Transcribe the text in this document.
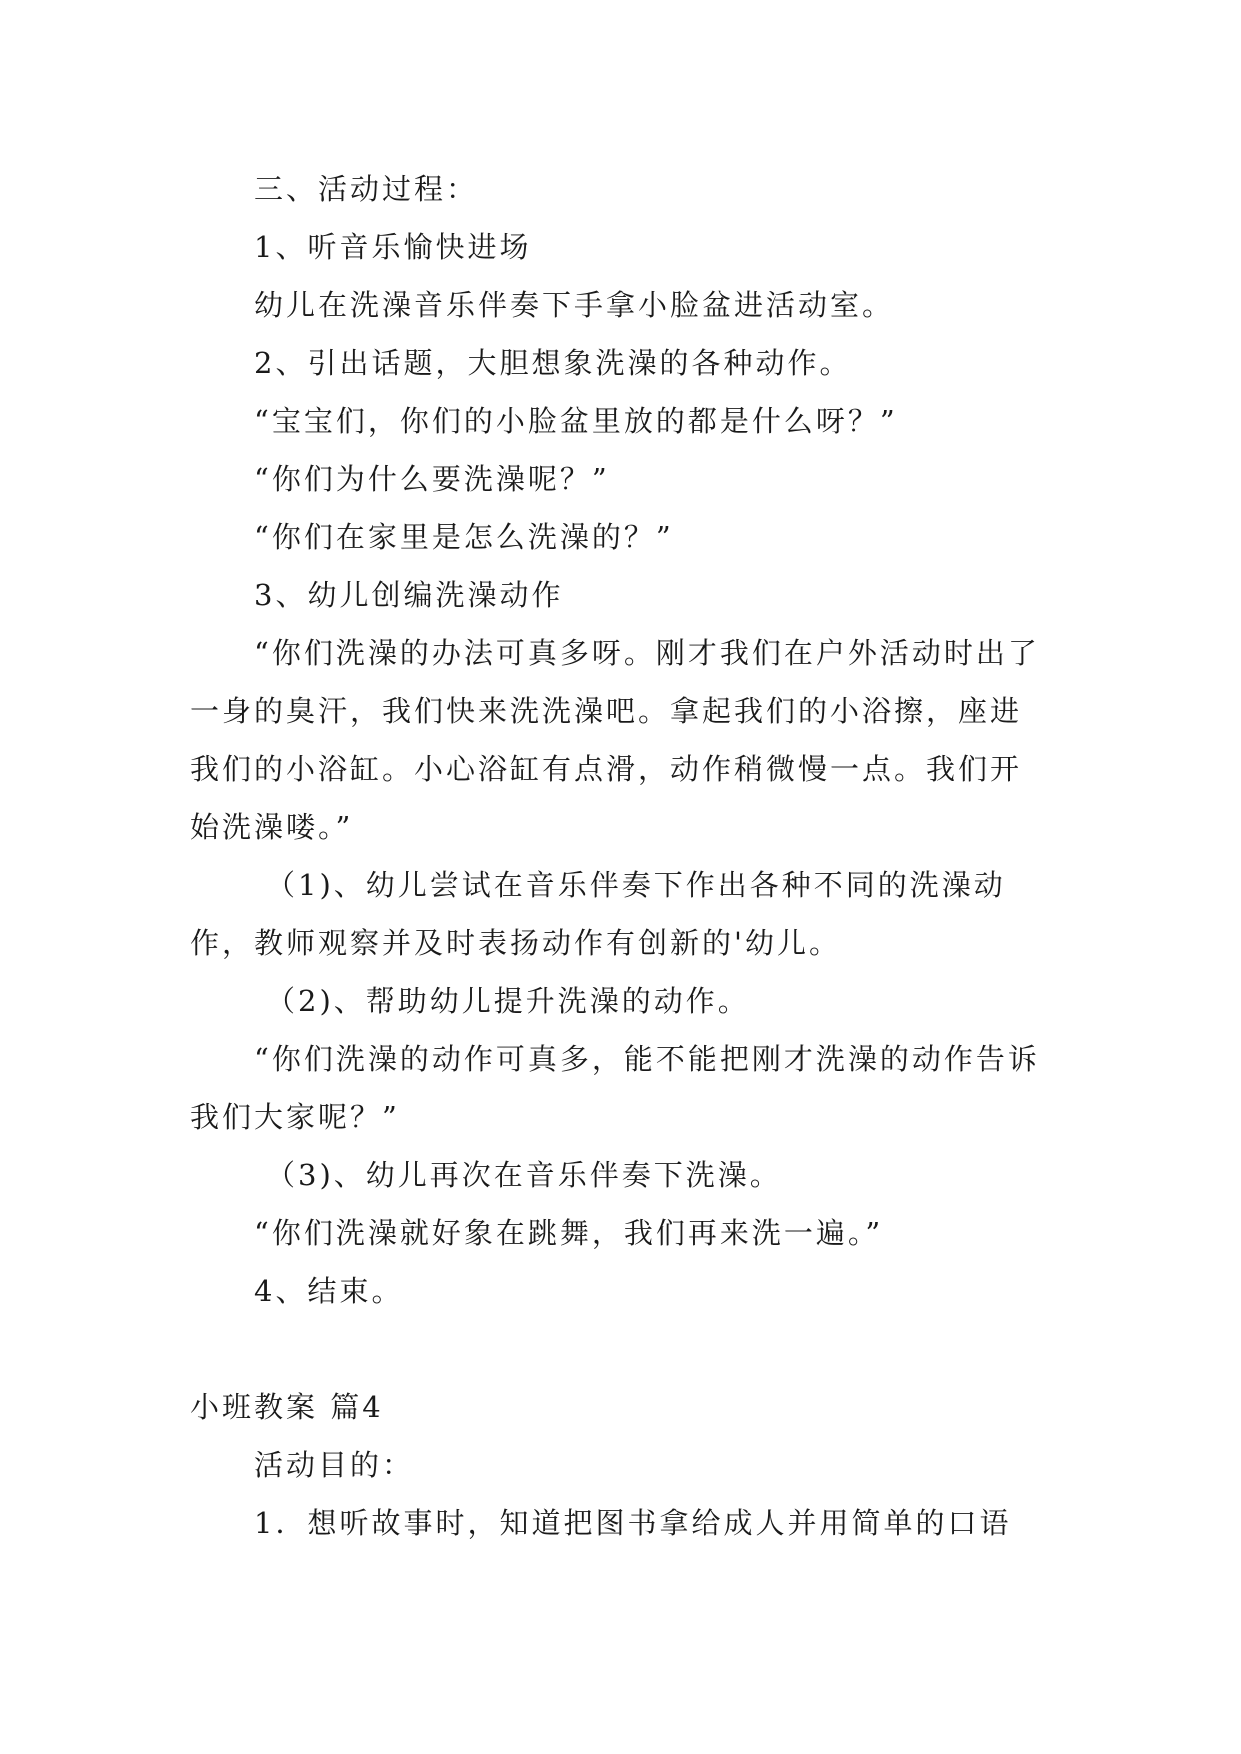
三、活动过程：

1、听音乐愉快进场

幼儿在洗澡音乐伴奏下手拿小脸盆进活动室。

2、引出话题，大胆想象洗澡的各种动作。

“宝宝们，你们的小脸盆里放的都是什么呀？”

“你们为什么要洗澡呢？”

“你们在家里是怎么洗澡的？”

3、幼儿创编洗澡动作

“你们洗澡的办法可真多呀。刚才我们在户外活动时出了一身的臭汗，我们快来洗洗澡吧。拿起我们的小浴擦，座进我们的小浴缸。小心浴缸有点滑，动作稍微慢一点。我们开始洗澡喽。”

（1)、幼儿尝试在音乐伴奏下作出各种不同的洗澡动作，教师观察并及时表扬动作有创新的'幼儿。

（2)、帮助幼儿提升洗澡的动作。

“你们洗澡的动作可真多，能不能把刚才洗澡的动作告诉我们大家呢？”

（3)、幼儿再次在音乐伴奏下洗澡。

“你们洗澡就好象在跳舞，我们再来洗一遍。”

4、结束。

小班教案 篇4

活动目的：

1．想听故事时，知道把图书拿给成人并用简单的口语
